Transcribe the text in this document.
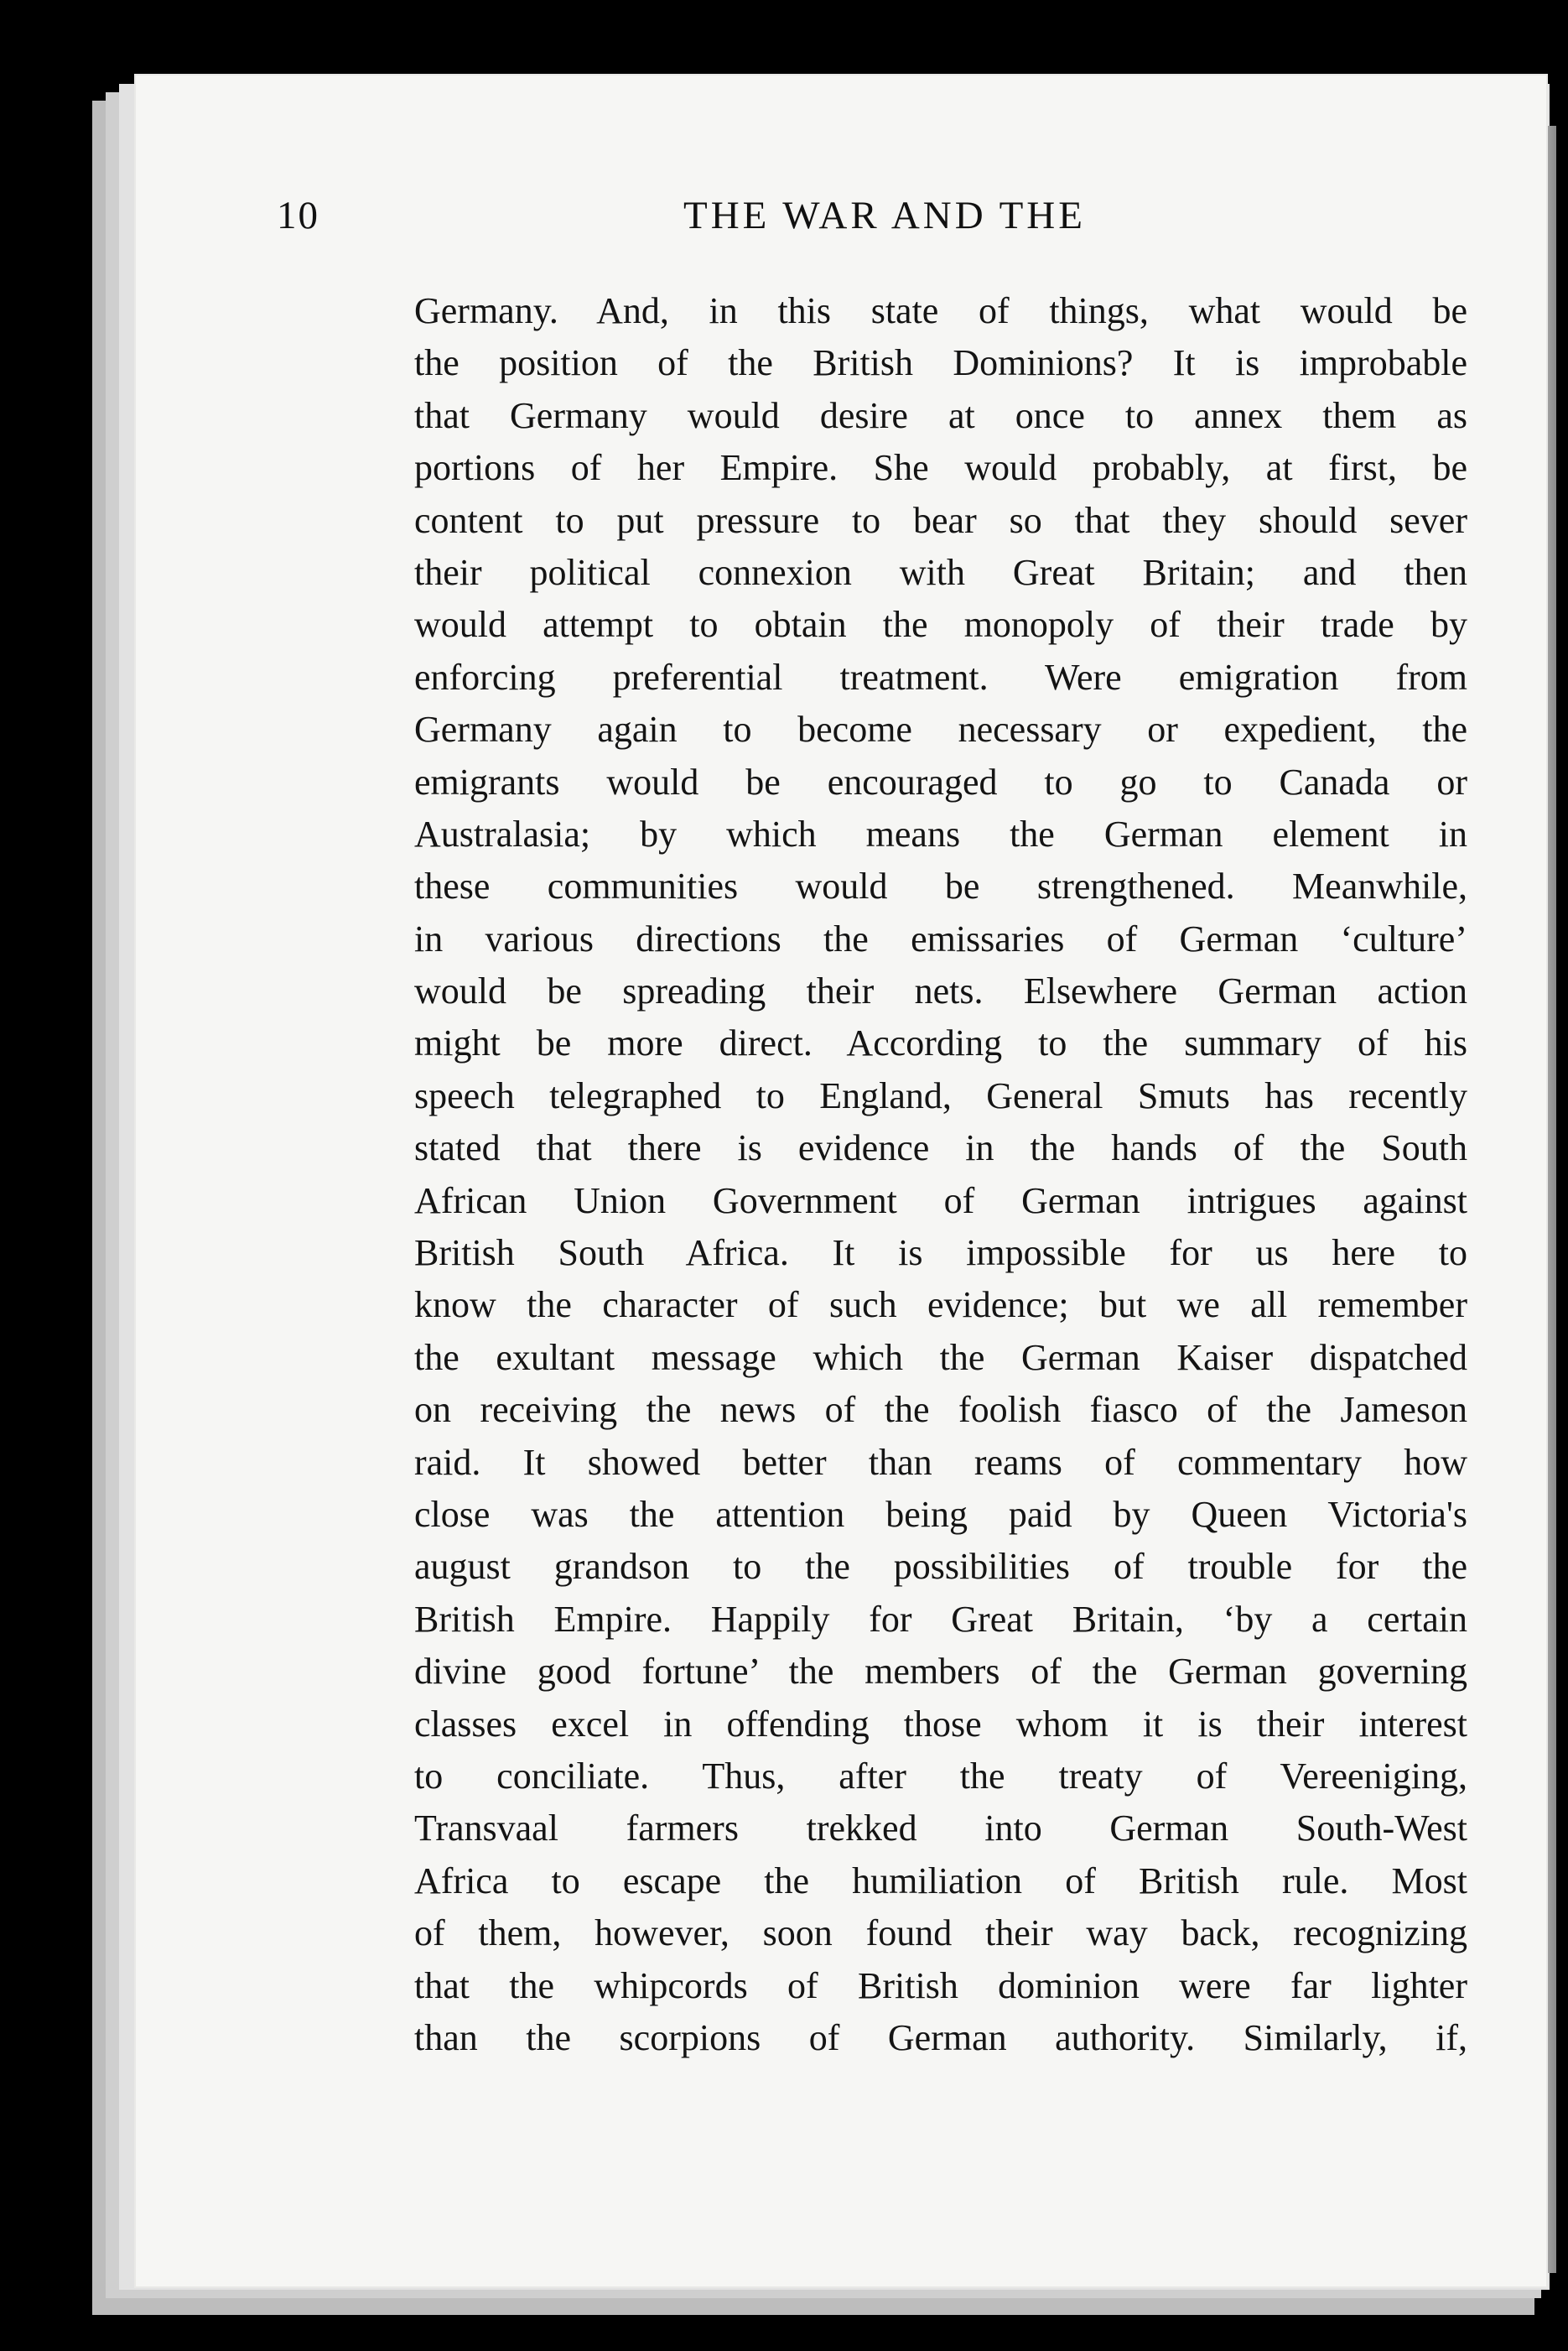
10	THE WAR AND THE
Germany. And, in this state of things, what would be
the position of the British Dominions? It is improbable
that Germany would desire at once to annex them as
portions of her Empire. She would probably, at first, be
content to put pressure to bear so that they should sever
their political connexion with Great Britain; and then
would attempt to obtain the monopoly of their trade by
enforcing preferential treatment. Were emigration from
Germany again to become necessary or expedient, the
emigrants would be encouraged to go to Canada or
Australasia; by which means the German element in
these communities would be strengthened. Meanwhile,
in various directions the emissaries of German ‘culture’
would be spreading their nets. Elsewhere German action
might be more direct. According to the summary of his
speech telegraphed to England, General Smuts has recently
stated that there is evidence in the hands of the South
African Union Government of German intrigues against
British South Africa. It is impossible for us here to
know the character of such evidence; but we all remember
the exultant message which the German Kaiser dispatched
on receiving the news of the foolish fiasco of the Jameson
raid. It showed better than reams of commentary how
close was the attention being paid by Queen Victoria's
august grandson to the possibilities of trouble for the
British Empire. Happily for Great Britain, ‘by a certain
divine good fortune’ the members of the German governing
classes excel in offending those whom it is their interest
to conciliate. Thus, after the treaty of Vereeniging,
Transvaal farmers trekked into German South-West
Africa to escape the humiliation of British rule. Most
of them, however, soon found their way back, recognizing
that the whipcords of British dominion were far lighter
than the scorpions of German authority. Similarly, if,
